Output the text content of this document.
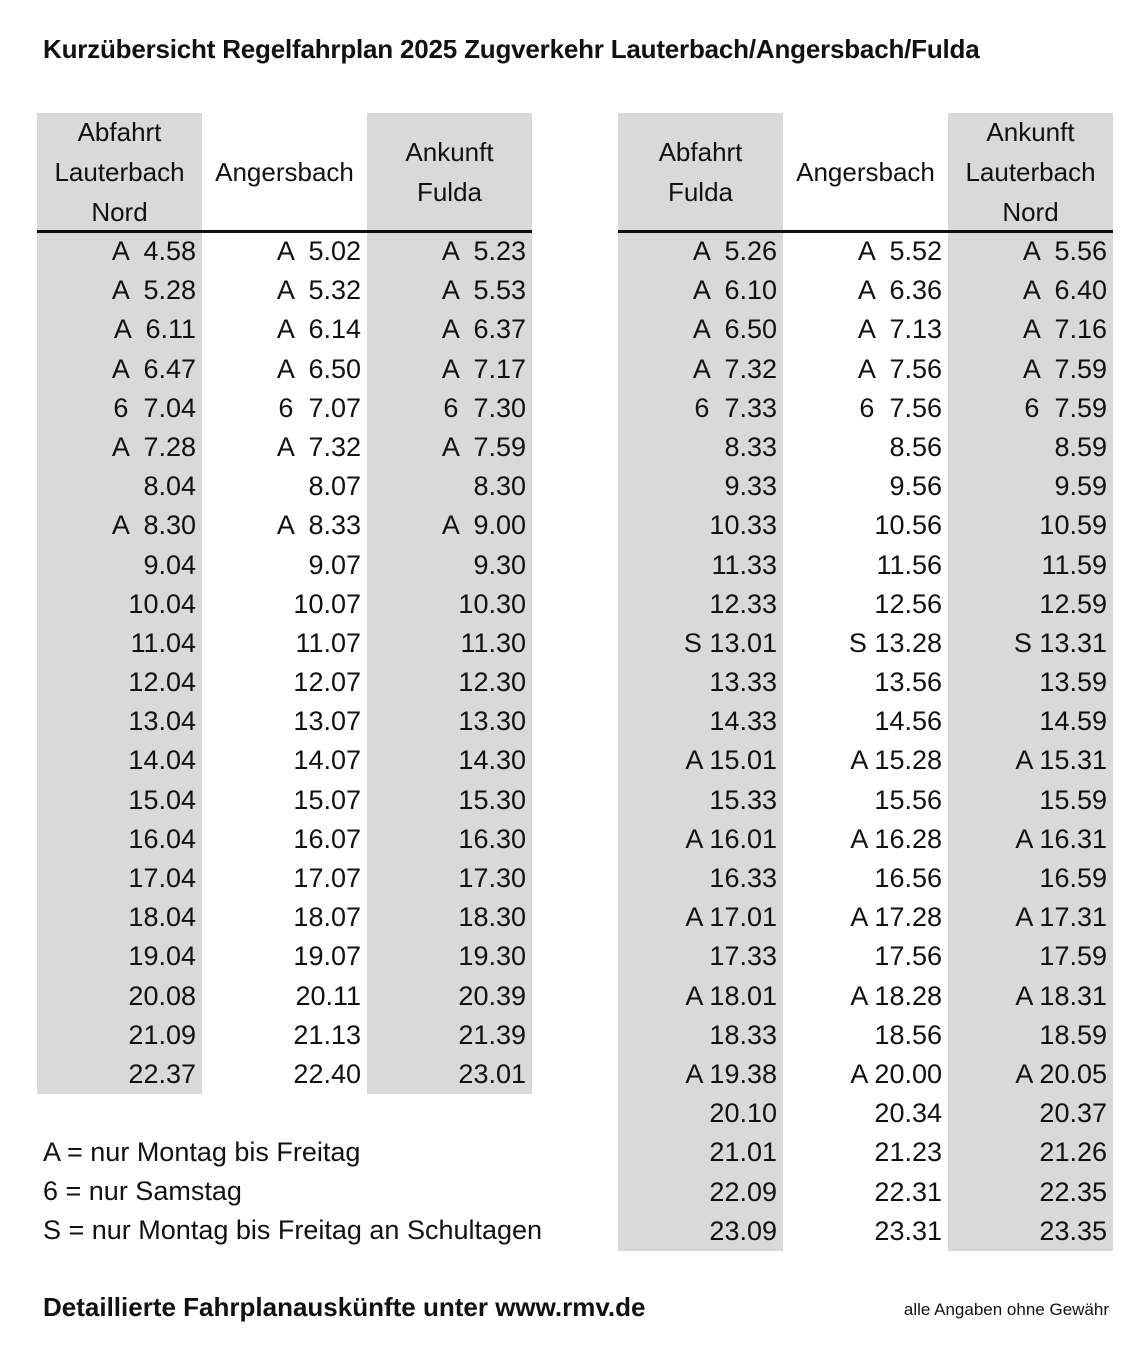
Kurzübersicht Regelfahrplan 2025 Zugverkehr Lauterbach/Angersbach/Fulda
Abfahrt
Lauterbach
Nord
A  4.58
A  5.28
A  6.11
A  6.47
6  7.04
A  7.28
8.04
A  8.30
9.04
10.04
11.04
12.04
13.04
14.04
15.04
16.04
17.04
18.04
19.04
20.08
21.09
22.37
Angersbach
A  5.02
A  5.32
A  6.14
A  6.50
6  7.07
A  7.32
8.07
A  8.33
9.07
10.07
11.07
12.07
13.07
14.07
15.07
16.07
17.07
18.07
19.07
20.11
21.13
22.40
Ankunft
Fulda
A  5.23
A  5.53
A  6.37
A  7.17
6  7.30
A  7.59
8.30
A  9.00
9.30
10.30
11.30
12.30
13.30
14.30
15.30
16.30
17.30
18.30
19.30
20.39
21.39
23.01
Abfahrt
Fulda
A  5.26
A  6.10
A  6.50
A  7.32
6  7.33
8.33
9.33
10.33
11.33
12.33
S 13.01
13.33
14.33
A 15.01
15.33
A 16.01
16.33
A 17.01
17.33
A 18.01
18.33
A 19.38
20.10
21.01
22.09
23.09
Angersbach
A  5.52
A  6.36
A  7.13
A  7.56
6  7.56
8.56
9.56
10.56
11.56
12.56
S 13.28
13.56
14.56
A 15.28
15.56
A 16.28
16.56
A 17.28
17.56
A 18.28
18.56
A 20.00
20.34
21.23
22.31
23.31
Ankunft
Lauterbach
Nord
A  5.56
A  6.40
A  7.16
A  7.59
6  7.59
8.59
9.59
10.59
11.59
12.59
S 13.31
13.59
14.59
A 15.31
15.59
A 16.31
16.59
A 17.31
17.59
A 18.31
18.59
A 20.05
20.37
21.26
22.35
23.35
A = nur Montag bis Freitag
6 = nur Samstag
S = nur Montag bis Freitag an Schultagen
Detaillierte Fahrplanauskünfte unter www.rmv.de	alle Angaben ohne Gewähr
